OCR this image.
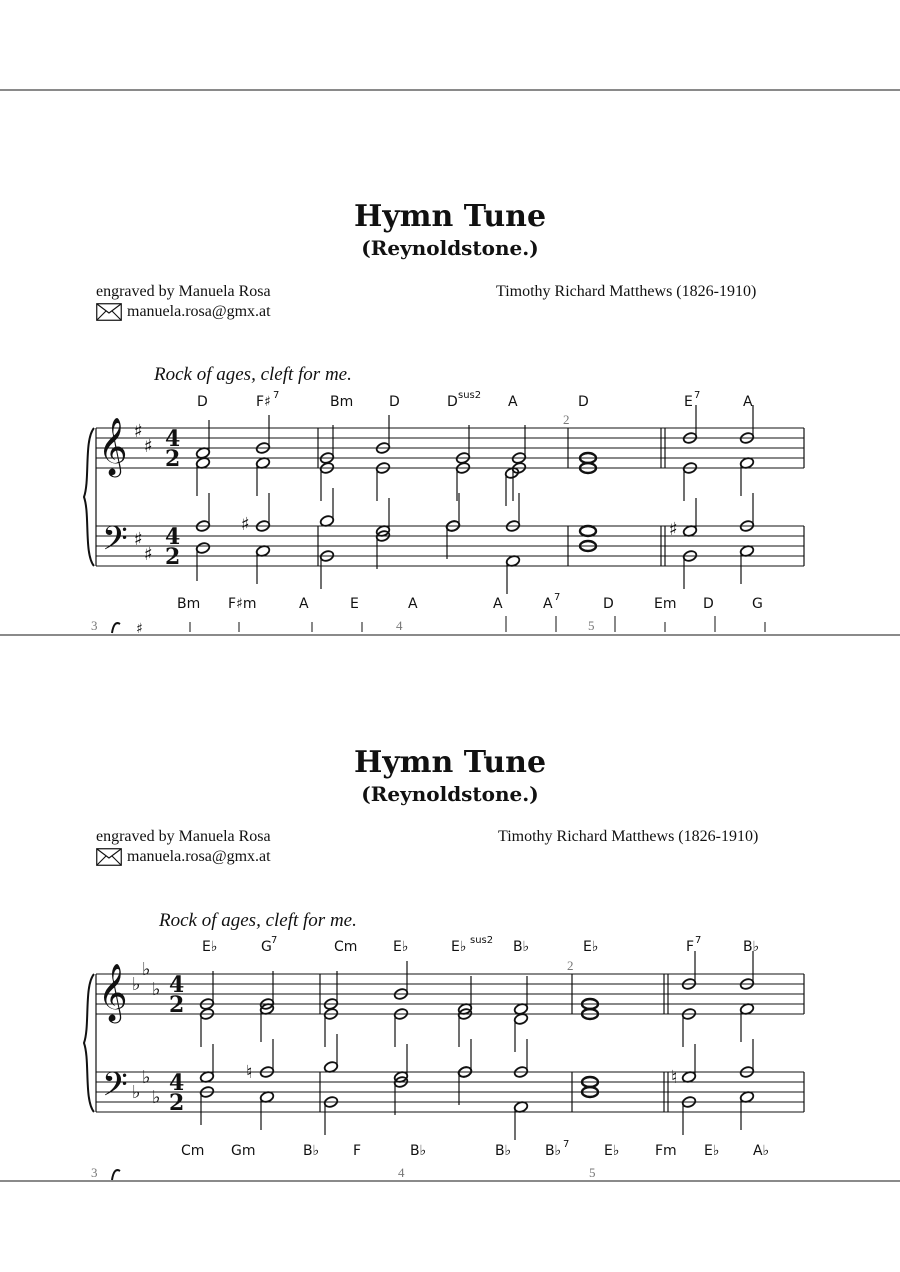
Hymn Tune
(Reynoldstone.)
engraved by Manuela Rosa
manuela.rosa@gmx.at
Timothy Richard Matthews (1826-1910)
Rock of ages, cleft for me.
Hymn Tune
(Reynoldstone.)
engraved by Manuela Rosa
manuela.rosa@gmx.at
Timothy Richard Matthews (1826-1910)
Rock of ages, cleft for me.
𝄞
𝄢
♯
♯
♯
♯
4
2
4
2
♯	♯
D	F♯ 7	Bm	D	D sus2 A	D	E 7	A
2
Bm F♯m	A	E	A	A	A 7	D	Em D	G
3	4	5
♯
𝄞
𝄢
♭
♭
♭
♭
♭
♭
4
2
4
2
♮	♮
E♭	G 7	Cm	E♭	E♭ sus2 B♭	E♭	F 7	B♭
2
Cm Gm	B♭ F	B♭	B♭ B♭ 7 E♭	Fm E♭ A♭
3	4	5
